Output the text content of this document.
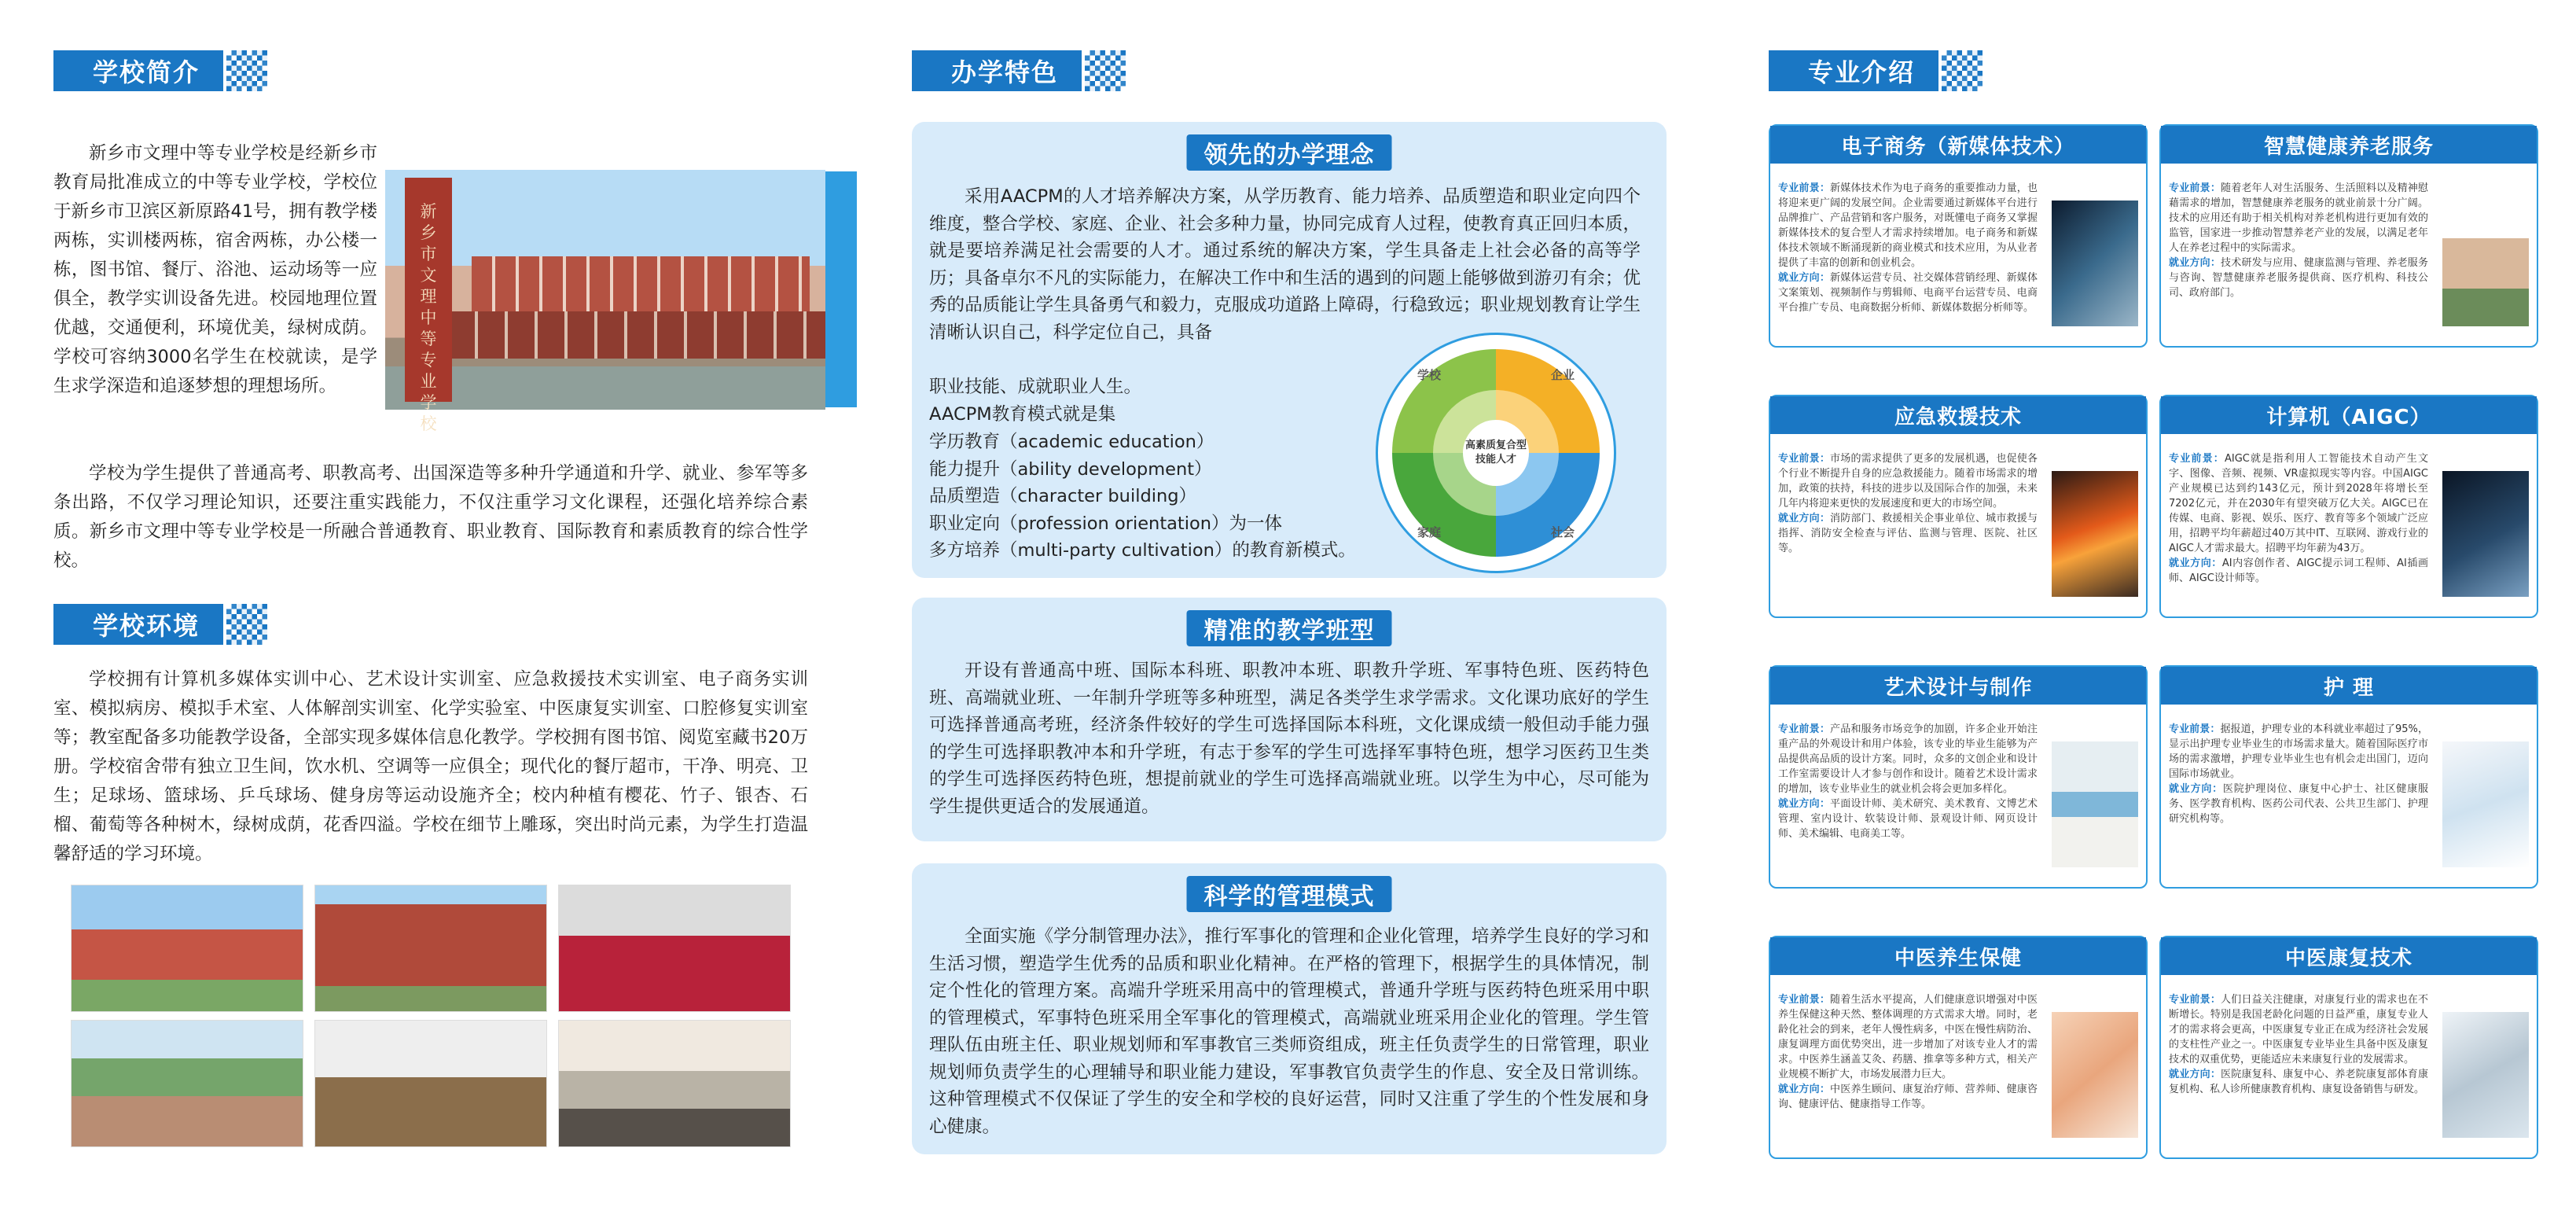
学校简介
新乡市文理中等专业学校是经新乡市教育局批准成立的中等专业学校，学校位于新乡市卫滨区新原路41号，拥有教学楼两栋，实训楼两栋，宿舍两栋，办公楼一栋，图书馆、餐厅、浴池、运动场等一应俱全，教学实训设备先进。校园地理位置优越，交通便利，环境优美，绿树成荫。学校可容纳3000名学生在校就读，是学生求学深造和追逐梦想的理想场所。
新乡市文理中等专业学校
学校为学生提供了普通高考、职教高考、出国深造等多种升学通道和升学、就业、参军等多条出路，不仅学习理论知识，还要注重实践能力，不仅注重学习文化课程，还强化培养综合素质。新乡市文理中等专业学校是一所融合普通教育、职业教育、国际教育和素质教育的综合性学校。
学校环境
学校拥有计算机多媒体实训中心、艺术设计实训室、应急救援技术实训室、电子商务实训室、模拟病房、模拟手术室、人体解剖实训室、化学实验室、中医康复实训室、口腔修复实训室等；教室配备多功能教学设备，全部实现多媒体信息化教学。学校拥有图书馆、阅览室藏书20万册。学校宿舍带有独立卫生间，饮水机、空调等一应俱全；现代化的餐厅超市，干净、明亮、卫生；足球场、篮球场、乒乓球场、健身房等运动设施齐全；校内种植有樱花、竹子、银杏、石榴、葡萄等各种树木，绿树成荫，花香四溢。学校在细节上雕琢，突出时尚元素，为学生打造温馨舒适的学习环境。
办学特色
领先的办学理念
采用AACPM的人才培养解决方案，从学历教育、能力培养、品质塑造和职业定向四个维度，整合学校、家庭、企业、社会多种力量，协同完成育人过程，使教育真正回归本质，就是要培养满足社会需要的人才。通过系统的解决方案，学生具备走上社会必备的高等学历；具备卓尔不凡的实际能力，在解决工作中和生活的遇到的问题上能够做到游刃有余；优秀的品质能让学生具备勇气和毅力，克服成功道路上障碍，行稳致远；职业规划教育让学生清晰认识自己，科学定位自己，具备
职业技能、成就职业人生。
AACPM教育模式就是集
学历教育（academic education）
能力提升（ability development）
品质塑造（character building）
职业定向（profession orientation）为一体
多方培养（multi-party cultivation）的教育新模式。
高素质复合型技能人才
学校	企业
家庭	社会
精准的教学班型
开设有普通高中班、国际本科班、职教冲本班、职教升学班、军事特色班、医药特色班、高端就业班、一年制升学班等多种班型，满足各类学生求学需求。文化课功底好的学生可选择普通高考班，经济条件较好的学生可选择国际本科班，文化课成绩一般但动手能力强的学生可选择职教冲本和升学班，有志于参军的学生可选择军事特色班，想学习医药卫生类的学生可选择医药特色班，想提前就业的学生可选择高端就业班。以学生为中心，尽可能为学生提供更适合的发展通道。
科学的管理模式
全面实施《学分制管理办法》，推行军事化的管理和企业化管理，培养学生良好的学习和生活习惯，塑造学生优秀的品质和职业化精神。在严格的管理下，根据学生的具体情况，制定个性化的管理方案。高端升学班采用高中的管理模式，普通升学班与医药特色班采用中职的管理模式，军事特色班采用全军事化的管理模式，高端就业班采用企业化的管理。学生管理队伍由班主任、职业规划师和军事教官三类师资组成，班主任负责学生的日常管理，职业规划师负责学生的心理辅导和职业能力建设，军事教官负责学生的作息、安全及日常训练。这种管理模式不仅保证了学生的安全和学校的良好运营，同时又注重了学生的个性发展和身心健康。
专业介绍
电子商务（新媒体技术）
专业前景：新媒体技术作为电子商务的重要推动力量，也将迎来更广阔的发展空间。企业需要通过新媒体平台进行品牌推广、产品营销和客户服务，对既懂电子商务又掌握新媒体技术的复合型人才需求持续增加。电子商务和新媒体技术领域不断涌现新的商业模式和技术应用，为从业者提供了丰富的创新和创业机会。
就业方向：新媒体运营专员、社交媒体营销经理、新媒体文案策划、视频制作与剪辑师、电商平台运营专员、电商平台推广专员、电商数据分析师、新媒体数据分析师等。
智慧健康养老服务
专业前景：随着老年人对生活服务、生活照料以及精神慰藉需求的增加，智慧健康养老服务的就业前景十分广阔。技术的应用还有助于相关机构对养老机构进行更加有效的监管，国家进一步推动智慧养老产业的发展，以满足老年人在养老过程中的实际需求。
就业方向：技术研发与应用、健康监测与管理、养老服务与咨询、智慧健康养老服务提供商、医疗机构、科技公司、政府部门。
应急救援技术
专业前景：市场的需求提供了更多的发展机遇，也促使各个行业不断提升自身的应急救援能力。随着市场需求的增加，政策的扶持，科技的进步以及国际合作的加强，未来几年内将迎来更快的发展速度和更大的市场空间。
就业方向：消防部门、救援相关企事业单位、城市救援与指挥、消防安全检查与评估、监测与管理、医院、社区等。
计算机（AIGC）
专业前景：AIGC就是指利用人工智能技术自动产生文字、图像、音频、视频、VR虚拟现实等内容。中国AIGC产业规模已达到约143亿元，预计到2028年将增长至7202亿元，并在2030年有望突破万亿大关。AIGC已在传媒、电商、影视、娱乐、医疗、教育等多个领域广泛应用，招聘平均年薪超过40万其中IT、互联网、游戏行业的AIGC人才需求最大。招聘平均年薪为43万。
就业方向：AI内容创作者、AIGC提示词工程师、AI插画师、AIGC设计师等。
艺术设计与制作
专业前景：产品和服务市场竞争的加剧，许多企业开始注重产品的外观设计和用户体验，该专业的毕业生能够为产品提供高品质的设计方案。同时，众多的文创企业和设计工作室需要设计人才参与创作和设计。随着艺术设计需求的增加，该专业毕业生的就业机会将会更加多样化。
就业方向：平面设计师、美术研究、美术教育、文博艺术管理、室内设计、软装设计师、景观设计师、网页设计师、美术编辑、电商美工等。
护 理
专业前景：据报道，护理专业的本科就业率超过了95%，显示出护理专业毕业生的市场需求量大。随着国际医疗市场的需求激增，护理专业毕业生也有机会走出国门，迈向国际市场就业。
就业方向：医院护理岗位、康复中心护士、社区健康服务、医学教育机构、医药公司代表、公共卫生部门、护理研究机构等。
中医养生保健
专业前景：随着生活水平提高，人们健康意识增强对中医养生保健这种天然、整体调理的方式需求大增。同时，老龄化社会的到来，老年人慢性病多，中医在慢性病防治、康复调理方面优势突出，进一步增加了对该专业人才的需求。中医养生涵盖艾灸、药膳、推拿等多种方式，相关产业规模不断扩大，市场发展潜力巨大。
就业方向：中医养生顾问、康复治疗师、营养师、健康咨询、健康评估、健康指导工作等。
中医康复技术
专业前景：人们日益关注健康，对康复行业的需求也在不断增长。特别是我国老龄化问题的日益严重，康复专业人才的需求将会更高，中医康复专业正在成为经济社会发展的支柱性产业之一。中医康复专业毕业生具备中医及康复技术的双重优势，更能适应未来康复行业的发展需求。
就业方向：医院康复科、康复中心、养老院康复部体育康复机构、私人诊所健康教育机构、康复设备销售与研发。
